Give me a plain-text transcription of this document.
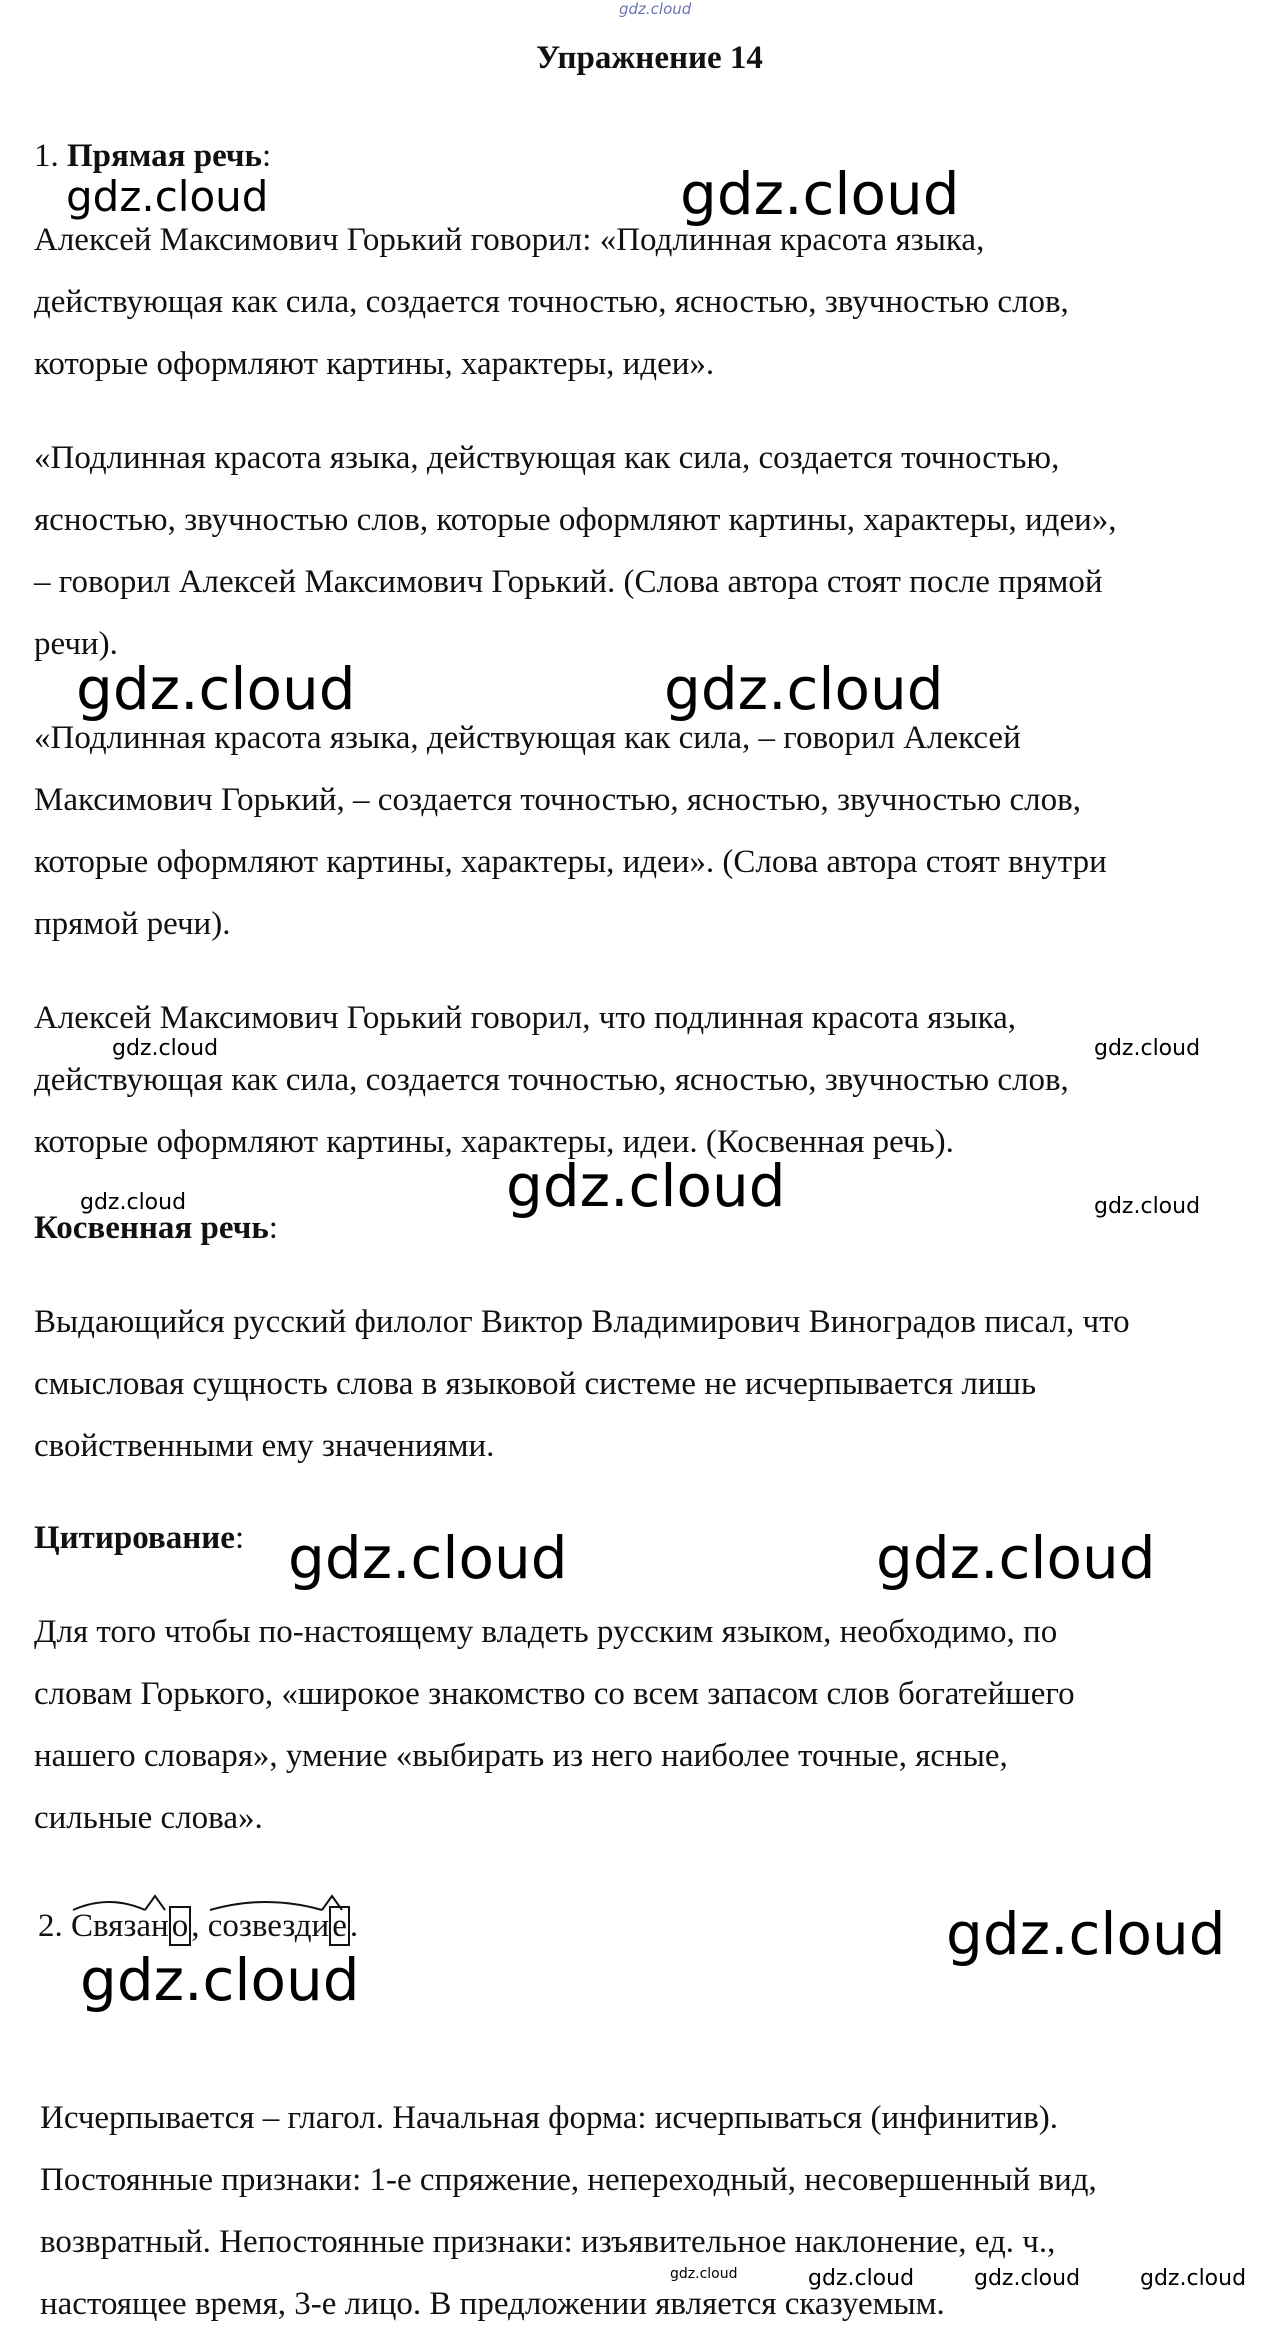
gdz.cloud
Упражнение 14
1. Прямая речь:
Алексей Максимович Горький говорил: «Подлинная красота языка,
действующая как сила, создается точностью, ясностью, звучностью слов,
которые оформляют картины, характеры, идеи».
«Подлинная красота языка, действующая как сила, создается точностью,
ясностью, звучностью слов, которые оформляют картины, характеры, идеи»,
– говорил Алексей Максимович Горький. (Слова автора стоят после прямой
речи).
«Подлинная красота языка, действующая как сила, – говорил Алексей
Максимович Горький, – создается точностью, ясностью, звучностью слов,
которые оформляют картины, характеры, идеи». (Слова автора стоят внутри
прямой речи).
Алексей Максимович Горький говорил, что подлинная красота языка,
действующая как сила, создается точностью, ясностью, звучностью слов,
которые оформляют картины, характеры, идеи. (Косвенная речь).
Косвенная речь:
Выдающийся русский филолог Виктор Владимирович Виноградов писал, что
смысловая сущность слова в языковой системе не исчерпывается лишь
свойственными ему значениями.
Цитирование:
Для того чтобы по-настоящему владеть русским языком, необходимо, по
словам Горького, «широкое знакомство со всем запасом слов богатейшего
нашего словаря», умение «выбирать из него наиболее точные, ясные,
сильные слова».
2. Связано, созвездие.
Исчерпывается – глагол. Начальная форма: исчерпываться (инфинитив).
Постоянные признаки: 1-е спряжение, непереходный, несовершенный вид,
возвратный. Непостоянные признаки: изъявительное наклонение, ед. ч.,
настоящее время, 3-е лицо. В предложении является сказуемым.
gdz.cloud	gdz.cloud
gdz.cloud	gdz.cloud
gdz.cloud	gdz.cloud
gdz.cloud	gdz.cloud	gdz.cloud
gdz.cloud	gdz.cloud
gdz.cloud
gdz.cloud
gdz.cloud	gdz.cloud	gdz.cloud	gdz.cloud
